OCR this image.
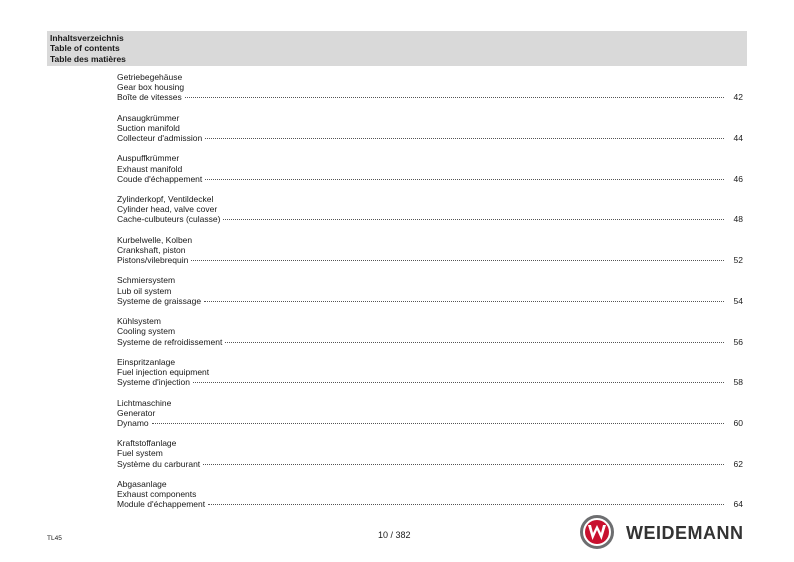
Inhaltsverzeichnis
Table of contents
Table des matières
Getriebegehäuse
Gear box housing
Boîte de vitesses	42
Ansaugkrümmer
Suction manifold
Collecteur d'admission	44
Auspuffkrümmer
Exhaust manifold
Coude d'échappement	46
Zylinderkopf, Ventildeckel
Cylinder head, valve cover
Cache-culbuteurs (culasse)	48
Kurbelwelle, Kolben
Crankshaft, piston
Pistons/vilebrequin	52
Schmiersystem
Lub oil system
Systeme de graissage	54
Kühlsystem
Cooling system
Systeme de refroidissement	56
Einspritzanlage
Fuel injection equipment
Systeme d'injection	58
Lichtmaschine
Generator
Dynamo	60
Kraftstoffanlage
Fuel system
Système du carburant	62
Abgasanlage
Exhaust components
Module d'échappement	64
TL45	10 / 382	WEIDEMANN
